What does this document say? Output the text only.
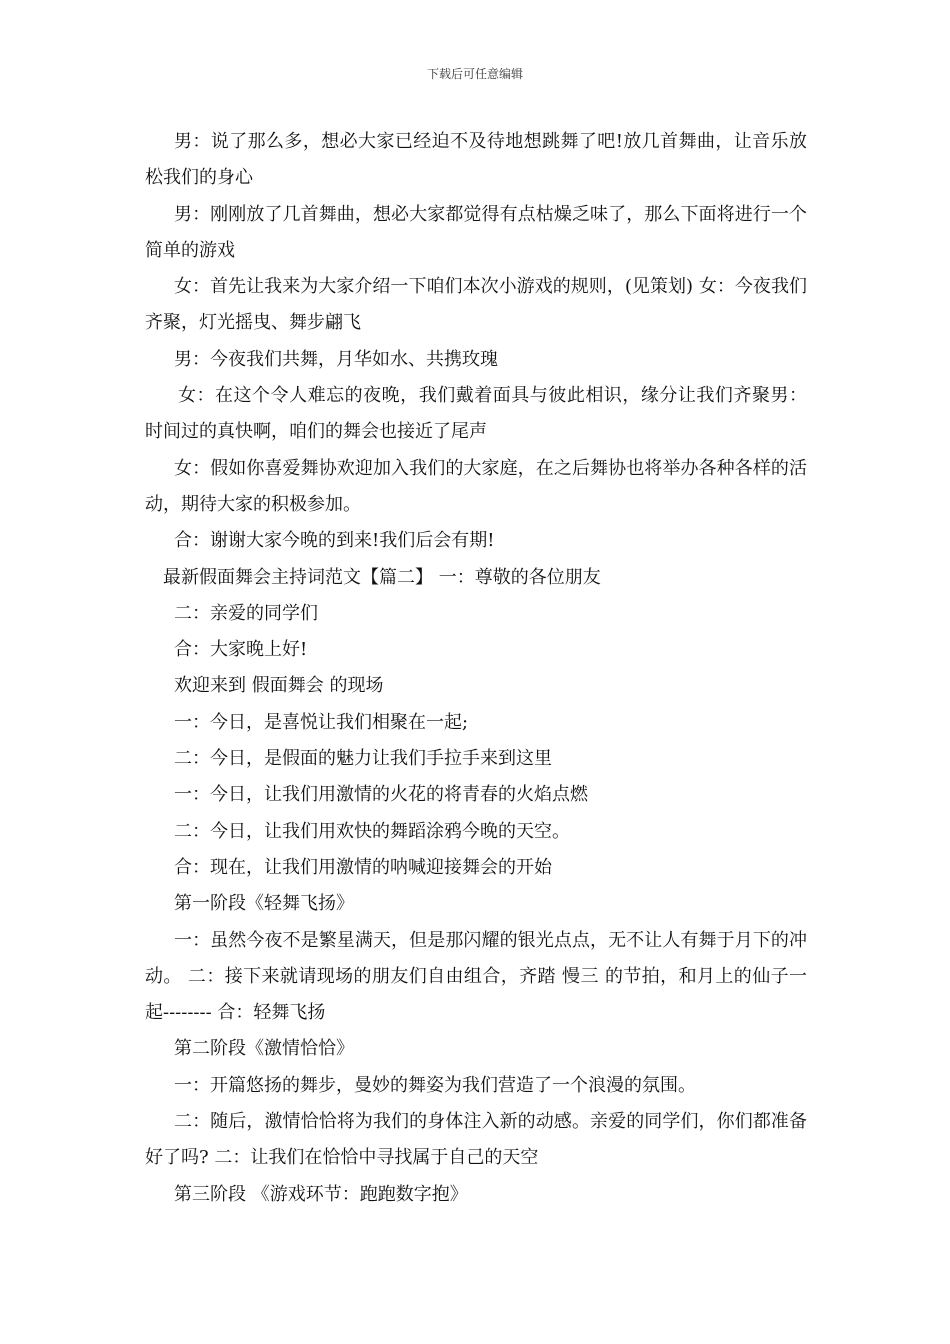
下载后可任意编辑

男：说了那么多，想必大家已经迫不及待地想跳舞了吧!放几首舞曲，让音乐放松我们的身心

男：刚刚放了几首舞曲，想必大家都觉得有点枯燥乏味了，那么下面将进行一个简单的游戏

女：首先让我来为大家介绍一下咱们本次小游戏的规则，(见策划) 女：今夜我们齐聚，灯光摇曳、舞步翩飞

男：今夜我们共舞，月华如水、共携玫瑰

女：在这个令人难忘的夜晚，我们戴着面具与彼此相识，缘分让我们齐聚男：时间过的真快啊，咱们的舞会也接近了尾声

女：假如你喜爱舞协欢迎加入我们的大家庭，在之后舞协也将举办各种各样的活动，期待大家的积极参加。

合：谢谢大家今晚的到来!我们后会有期!

最新假面舞会主持词范文【篇二】 一：尊敬的各位朋友

二：亲爱的同学们

合：大家晚上好!

欢迎来到 假面舞会 的现场

一：今日，是喜悦让我们相聚在一起;

二：今日，是假面的魅力让我们手拉手来到这里

一：今日，让我们用激情的火花的将青春的火焰点燃

二：今日，让我们用欢快的舞蹈涂鸦今晚的天空。

合：现在，让我们用激情的呐喊迎接舞会的开始

第一阶段《轻舞飞扬》

一：虽然今夜不是繁星满天，但是那闪耀的银光点点，无不让人有舞于月下的冲动。 二：接下来就请现场的朋友们自由组合，齐踏 慢三 的节拍，和月上的仙子一起-------- 合：轻舞飞扬

第二阶段《激情恰恰》

一：开篇悠扬的舞步，曼妙的舞姿为我们营造了一个浪漫的氛围。

二：随后，激情恰恰将为我们的身体注入新的动感。亲爱的同学们，你们都准备好了吗? 二：让我们在恰恰中寻找属于自己的天空

第三阶段 《游戏环节：跑跑数字抱》
